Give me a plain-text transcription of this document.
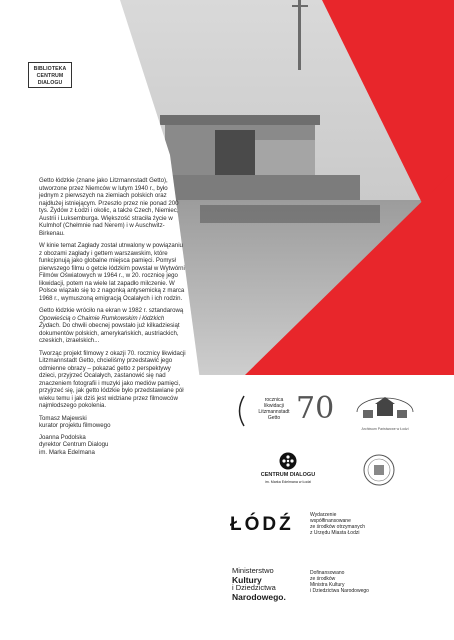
BIBLIOTEKA
CENTRUM
DIALOGU

Getto łódzkie (znane jako Litzmannstadt Getto), utworzone przez Niemców w lutym 1940 r., było jednym z pierwszych na ziemiach polskich oraz najdłużej istniejącym. Przeszło przez nie ponad 200 tys. Żydów z Łodzi i okolic, a także Czech, Niemiec, Austrii i Luksemburga. Większość straciła życie w Kulmhof (Chełmnie nad Nerem) i w Auschwitz-Birkenau.

W kinie temat Zagłady został utrwalony w powiązaniu z obozami zagłady i gettem warszawskim, które funkcjonują jako globalne miejsca pamięci. Pomysł pierwszego filmu o getcie łódzkim powstał w Wytwórni Filmów Oświatowych w 1964 r., w 20. rocznicę jego likwidacji, potem na wiele lat zapadło milczenie. W Polsce wiązało się to z nagonką antysemicką z marca 1968 r., wymuszoną emigracją Ocalałych i ich rodzin.

Getto łódzkie wróciło na ekran w 1982 r. sztandarową Opowieścią o Chaimie Rumkowskim i łódzkich Żydach. Do chwili obecnej powstało już kilkadziesiąt dokumentów polskich, amerykańskich, austriackich, czeskich, izraelskich...

Tworząc projekt filmowy z okazji 70. rocznicy likwidacji Litzmannstadt Getto, chcieliśmy przedstawić jego odmienne obrazy – pokazać getto z perspektywy dzieci, przyjrzeć Ocalałych, zastanowić się nad znaczeniem fotografii i muzyki jako mediów pamięci, przyjrzeć się, jak getto łódzkie było przedstawiane pół wieku temu i jak dziś jest widziane przez filmowców najmłodszego pokolenia.

Tomasz Majewski
kurator projektu filmowego
Joanna Podolska
dyrektor Centrum Dialogu
im. Marka Edelmana
rocznica
likwidacji
Litzmannstadt
Getto 70
Archiwum Państwowe w Łodzi
CENTRUM DIALOGU
im. Marka Edelmana w Łodzi
ŁÓDŹ	Wydarzenie
współfinansowane
ze środków otrzymanych
z Urzędu Miasta Łodzi
Ministerstwo
Kultury
i Dziedzictwa
Narodowego.
Dofinansowano
ze środków
Ministra Kultury
i Dziedzictwa Narodowego
